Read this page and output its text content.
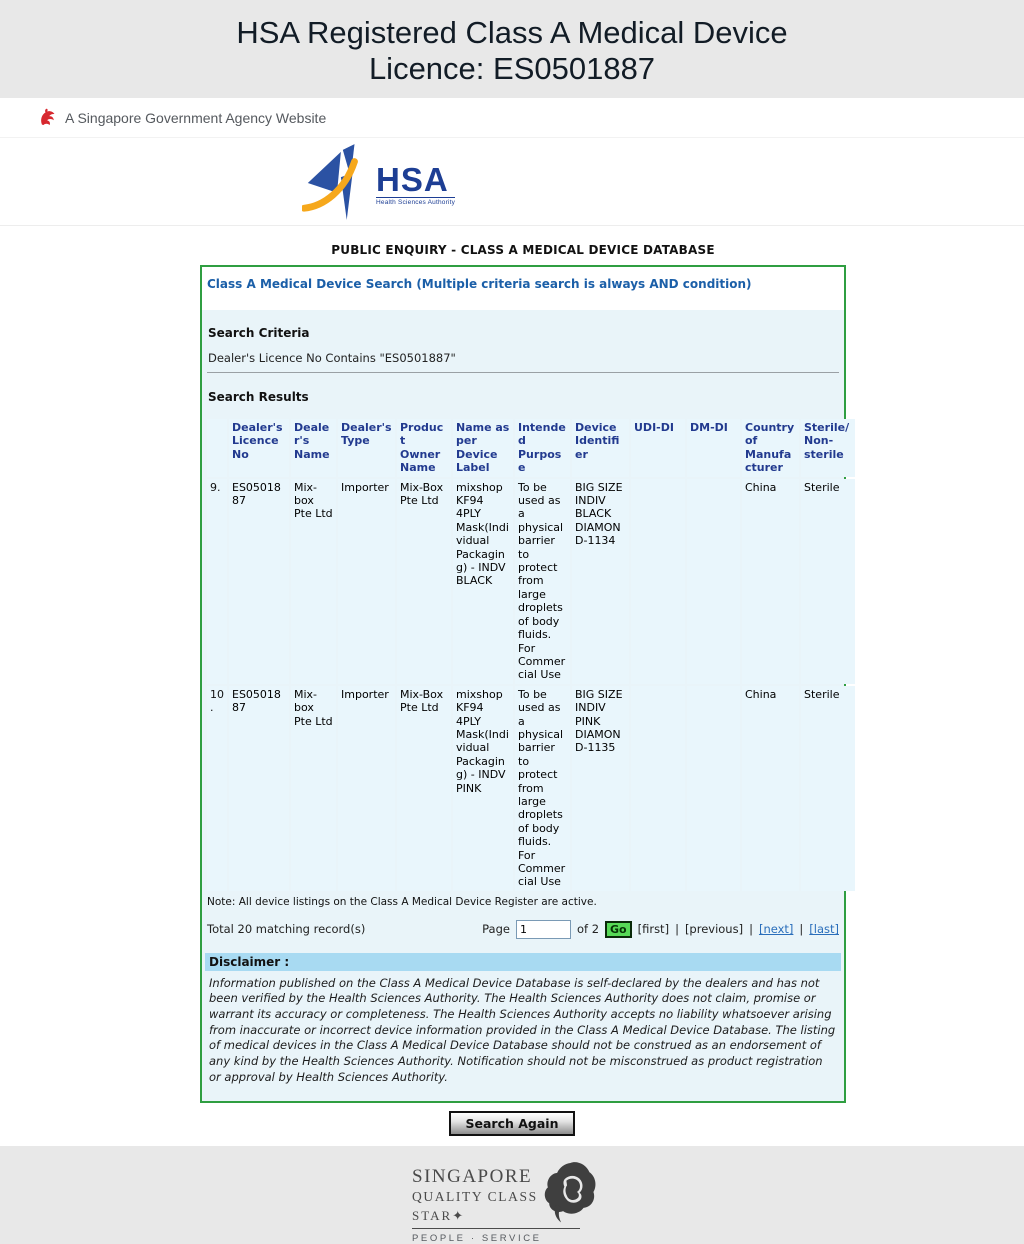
HSA Registered Class A Medical Device
Licence: ES0501887
A Singapore Government Agency Website
HSA
Health Sciences Authority
PUBLIC ENQUIRY - CLASS A MEDICAL DEVICE DATABASE
Class A Medical Device Search (Multiple criteria search is always AND condition)
Search Criteria
Dealer's Licence No Contains "ES0501887"
Search Results
	Dealer's Licence No	Dealer's Name	Dealer's Type	Product Owner Name	Name as per Device Label	Intended Purpose	Device Identifier	UDI-DI	DM-DI	Country of Manufacturer	Sterile/Non-sterile
9.	ES0501887	Mix-box Pte Ltd	Importer	Mix-Box Pte Ltd	mixshop KF94 4PLY Mask(Individual Packaging) - INDV BLACK	To be used as a physical barrier to protect from large droplets of body fluids. For Commercial Use	BIG SIZE INDIV BLACK DIAMOND-1134			China	Sterile
10.	ES0501887	Mix-box Pte Ltd	Importer	Mix-Box Pte Ltd	mixshop KF94 4PLY Mask(Individual Packaging) - INDV PINK	To be used as a physical barrier to protect from large droplets of body fluids. For Commercial Use	BIG SIZE INDIV PINK DIAMOND-1135			China	Sterile
Note: All device listings on the Class A Medical Device Register are active.
Total 20 matching record(s)	Page
1	of 2	Go [first] | [previous] | [next] | [last]
Disclaimer :
Information published on the Class A Medical Device Database is self-declared by the dealers and has not been verified by the Health Sciences Authority. The Health Sciences Authority does not claim, promise or warrant its accuracy or completeness. The Health Sciences Authority accepts no liability whatsoever arising from inaccurate or incorrect device information provided in the Class A Medical Device Database. The listing of medical devices in the Class A Medical Device Database should not be construed as an endorsement of any kind by the Health Sciences Authority. Notification should not be misconstrued as product registration or approval by Health Sciences Authority.
Search Again
SINGAPORE
QUALITY CLASS
STAR✦
PEOPLE · SERVICE
